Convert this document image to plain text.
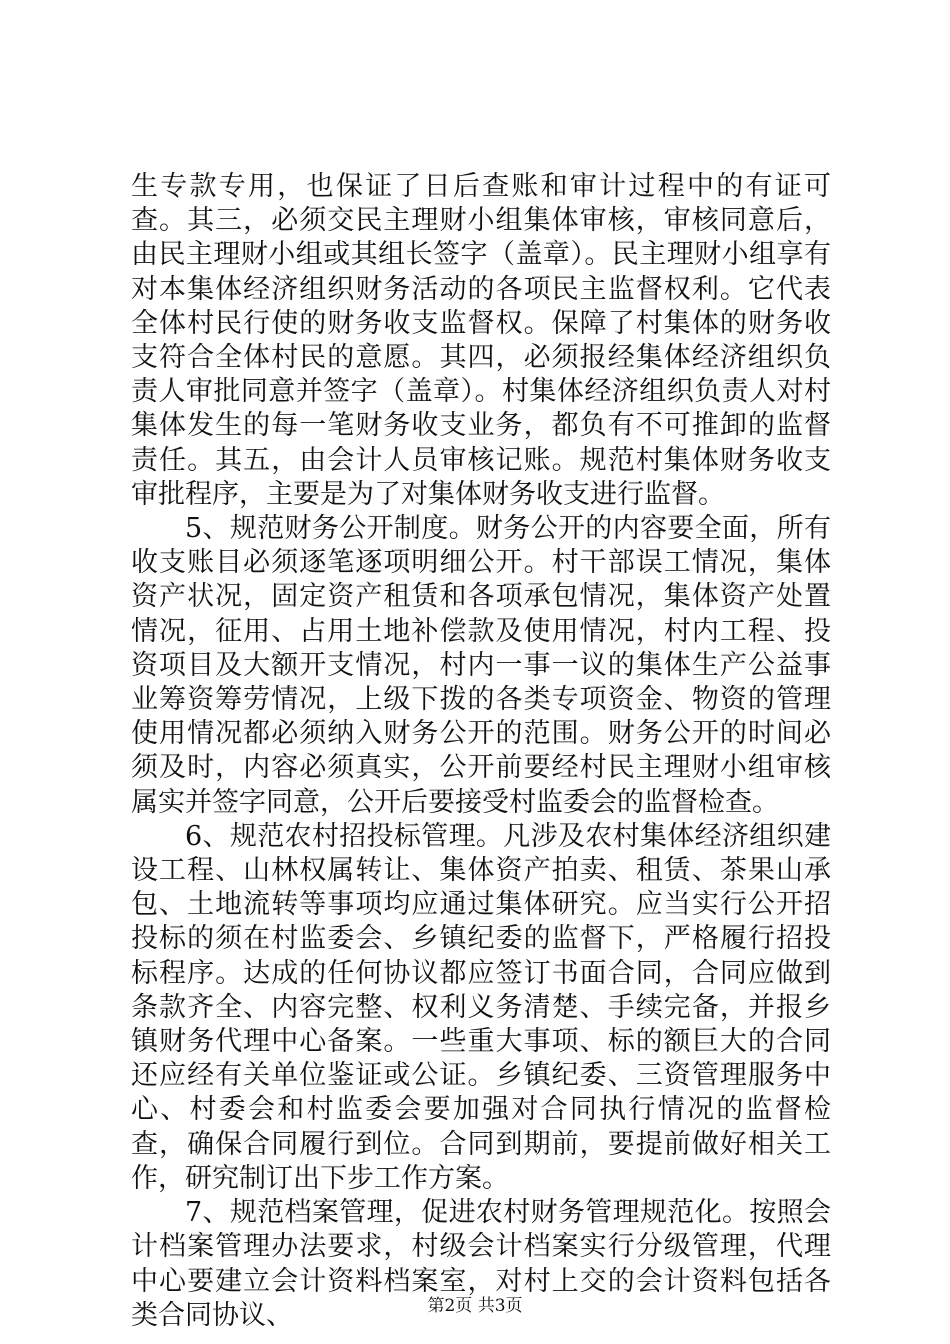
生专款专用，也保证了日后查账和审计过程中的有证可查。其三，必须交民主理财小组集体审核，审核同意后，由民主理财小组或其组长签字（盖章）。民主理财小组享有对本集体经济组织财务活动的各项民主监督权利。它代表全体村民行使的财务收支监督权。保障了村集体的财务收支符合全体村民的意愿。其四，必须报经集体经济组织负责人审批同意并签字（盖章）。村集体经济组织负责人对村集体发生的每一笔财务收支业务，都负有不可推卸的监督责任。其五，由会计人员审核记账。规范村集体财务收支审批程序，主要是为了对集体财务收支进行监督。

5、规范财务公开制度。财务公开的内容要全面，所有收支账目必须逐笔逐项明细公开。村干部误工情况，集体资产状况，固定资产租赁和各项承包情况，集体资产处置情况，征用、占用土地补偿款及使用情况，村内工程、投资项目及大额开支情况，村内一事一议的集体生产公益事业筹资筹劳情况，上级下拨的各类专项资金、物资的管理使用情况都必须纳入财务公开的范围。财务公开的时间必须及时，内容必须真实，公开前要经村民主理财小组审核属实并签字同意，公开后要接受村监委会的监督检查。

6、规范农村招投标管理。凡涉及农村集体经济组织建设工程、山林权属转让、集体资产拍卖、租赁、茶果山承包、土地流转等事项均应通过集体研究。应当实行公开招投标的须在村监委会、乡镇纪委的监督下，严格履行招投标程序。达成的任何协议都应签订书面合同，合同应做到条款齐全、内容完整、权利义务清楚、手续完备，并报乡镇财务代理中心备案。一些重大事项、标的额巨大的合同还应经有关单位鉴证或公证。乡镇纪委、三资管理服务中心、村委会和村监委会要加强对合同执行情况的监督检查，确保合同履行到位。合同到期前，要提前做好相关工作，研究制订出下步工作方案。

7、规范档案管理，促进农村财务管理规范化。按照会计档案管理办法要求，村级会计档案实行分级管理，代理中心要建立会计资料档案室，对村上交的会计资料包括各类合同协议、	第2页 共3页
